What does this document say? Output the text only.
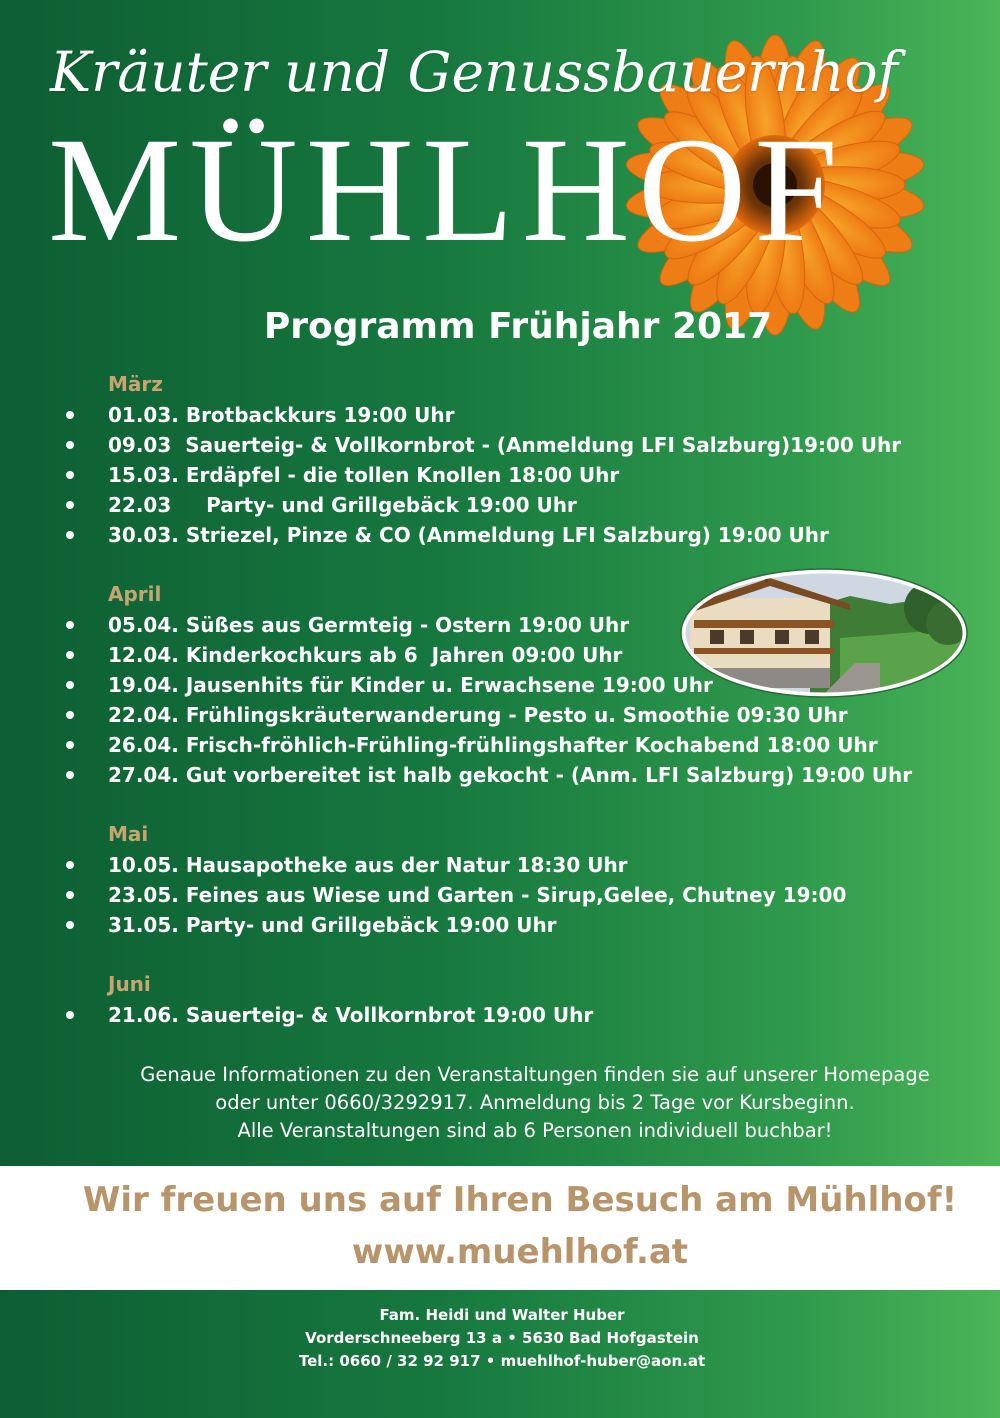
Kräuter und Genussbauernhof
MÜHLHOF
Programm Frühjahr 2017
März
01.03. Brotbackkurs 19:00 Uhr
09.03  Sauerteig- & Vollkornbrot - (Anmeldung LFI Salzburg)19:00 Uhr
15.03. Erdäpfel - die tollen Knollen 18:00 Uhr
22.03     Party- und Grillgebäck 19:00 Uhr
30.03. Striezel, Pinze & CO (Anmeldung LFI Salzburg) 19:00 Uhr
April
05.04. Süßes aus Germteig - Ostern 19:00 Uhr
12.04. Kinderkochkurs ab 6  Jahren 09:00 Uhr
19.04. Jausenhits für Kinder u. Erwachsene 19:00 Uhr
22.04. Frühlingskräuterwanderung - Pesto u. Smoothie 09:30 Uhr
26.04. Frisch-fröhlich-Frühling-frühlingshafter Kochabend 18:00 Uhr
27.04. Gut vorbereitet ist halb gekocht - (Anm. LFI Salzburg) 19:00 Uhr
Mai
10.05. Hausapotheke aus der Natur 18:30 Uhr
23.05. Feines aus Wiese und Garten - Sirup,Gelee, Chutney 19:00
31.05. Party- und Grillgebäck 19:00 Uhr
Juni
21.06. Sauerteig- & Vollkornbrot 19:00 Uhr
Genaue Informationen zu den Veranstaltungen finden sie auf unserer Homepage
oder unter 0660/3292917. Anmeldung bis 2 Tage vor Kursbeginn.
Alle Veranstaltungen sind ab 6 Personen individuell buchbar!
Wir freuen uns auf Ihren Besuch am Mühlhof!
www.muehlhof.at
Fam. Heidi und Walter Huber
Vorderschneeberg 13 a • 5630 Bad Hofgastein
Tel.: 0660 / 32 92 917 • muehlhof-huber@aon.at
